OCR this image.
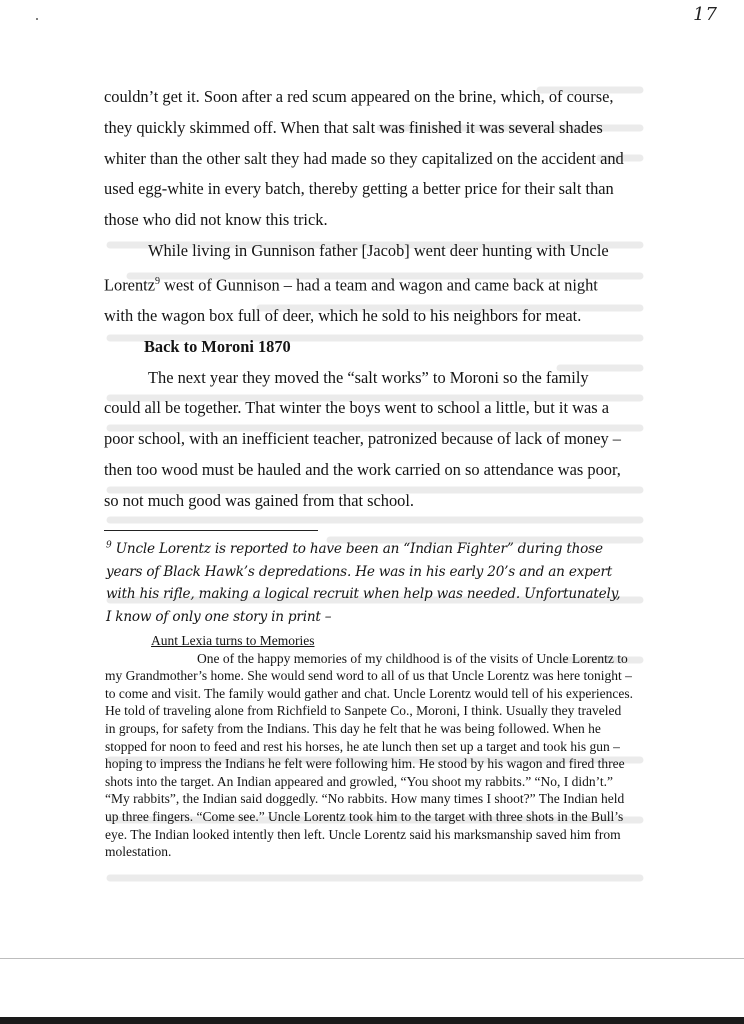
17

couldn’t get it. Soon after a red scum appeared on the brine, which, of course, they quickly skimmed off. When that salt was finished it was several shades whiter than the other salt they had made so they capitalized on the accident and used egg-white in every batch, thereby getting a better price for their salt than those who did not know this trick.

While living in Gunnison father [Jacob] went deer hunting with Uncle Lorentz$^9$ west of Gunnison – had a team and wagon and came back at night with the wagon box full of deer, which he sold to his neighbors for meat.

Back to Moroni 1870

The next year they moved the “salt works” to Moroni so the family could all be together. That winter the boys went to school a little, but it was a poor school, with an inefficient teacher, patronized because of lack of money – then too wood must be hauled and the work carried on so attendance was poor, so not much good was gained from that school.

$^9$ Uncle Lorentz is reported to have been an “Indian Fighter” during those years of Black Hawk’s depredations. He was in his early 20’s and an expert with his rifle, making a logical recruit when help was needed. Unfortunately, I know of only one story in print –

Aunt Lexia turns to Memories

One of the happy memories of my childhood is of the visits of Uncle Lorentz to my Grandmother’s home. She would send word to all of us that Uncle Lorentz was here tonight – to come and visit. The family would gather and chat. Uncle Lorentz would tell of his experiences. He told of traveling alone from Richfield to Sanpete Co., Moroni, I think. Usually they traveled in groups, for safety from the Indians. This day he felt that he was being followed. When he stopped for noon to feed and rest his horses, he ate lunch then set up a target and took his gun – hoping to impress the Indians he felt were following him. He stood by his wagon and fired three shots into the target. An Indian appeared and growled, “You shoot my rabbits.” “No, I didn’t.” “My rabbits”, the Indian said doggedly. “No rabbits. How many times I shoot?” The Indian held up three fingers. “Come see.” Uncle Lorentz took him to the target with three shots in the Bull’s eye. The Indian looked intently then left. Uncle Lorentz said his marksmanship saved him from molestation.
